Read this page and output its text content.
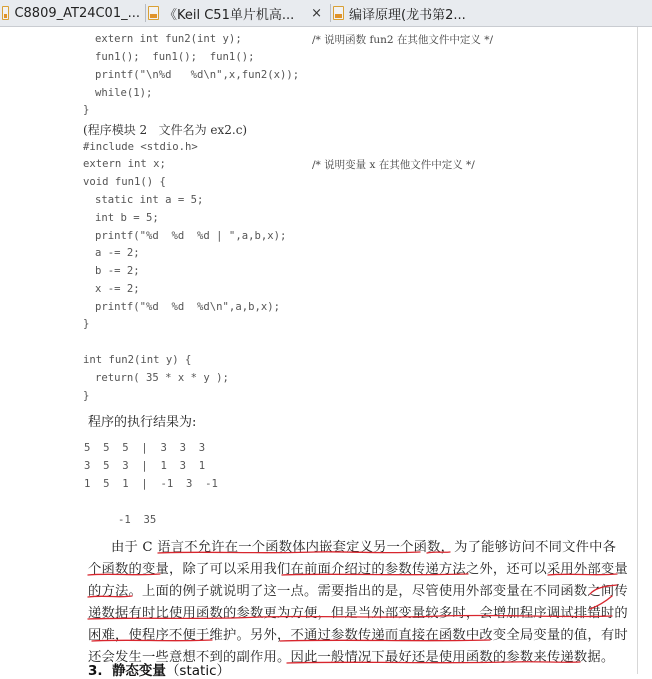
C8809_AT24C01_... 《Keil C51单片机高... × 编译原理(龙书第2...
extern int fun2(int y);	/* 说明函数 fun2 在其他文件中定义 */
fun1();  fun1();  fun1();
printf("\n%d   %d\n",x,fun2(x));
while(1);
}
(程序模块 2   文件名为 ex2.c)
#include <stdio.h>
extern int x;	/* 说明变量 x 在其他文件中定义 */
void fun1() {
static int a = 5;
int b = 5;
printf("%d  %d  %d | ",a,b,x);
a -= 2;
b -= 2;
x -= 2;
printf("%d  %d  %d\n",a,b,x);
}
int fun2(int y) {
return( 35 * x * y );
}
程序的执行结果为:
5  5  5  |  3  3  3
3  5  3  |  1  3  1
1  5  1  |  -1  3  -1
-1  35
由于 C 语言不允许在一个函数体内嵌套定义另一个函数，为了能够访问不同文件中各
个函数的变量，除了可以采用我们在前面介绍过的参数传递方法之外，还可以采用外部变量
的方法。上面的例子就说明了这一点。需要指出的是，尽管使用外部变量在不同函数之间传
递数据有时比使用函数的参数更为方便，但是当外部变量较多时，会增加程序调试排错时的
困难，使程序不便于维护。另外，不通过参数传递而直接在函数中改变全局变量的值，有时
还会发生一些意想不到的副作用。因此一般情况下最好还是使用函数的参数来传递数据。
3. 静态变量（static）
